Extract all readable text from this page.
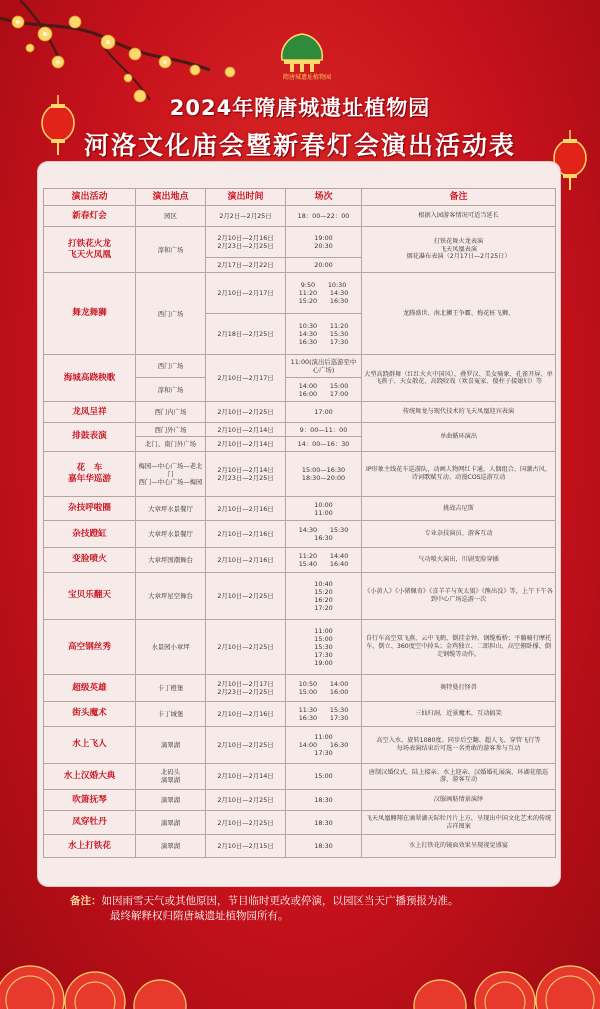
隋唐城遗址植物园
2024年隋唐城遗址植物园
河洛文化庙会暨新春灯会演出活动表
演出活动	演出地点	演出时间	场次	备注
新春灯会	园区	2月2日—2月25日	18：00—22：00	根据入园游客情况可适当延长
打铁花火龙
飞天火凤凰	淳和广场	2月10日—2月16日
2月23日—2月25日	19:00
20:30	打铁花舞火龙表演
飞天凤凰表演
烟花瀑布表演（2月17日—2月25日）
		2月17日—2月22日	20:00	
舞龙舞狮	西门广场	2月10日—2月17日	9:50　　10:30
11:20　　14:30
15:20　　16:30	龙腾盛世、南北狮王争霸、梅花桩飞狮、
		2月18日—2月25日	10:30　　11:20
14:30　　15:30
16:30　　17:30	
海城高跷秧歌	西门广场	2月10日—2月17日	11:00(演出后巡游至中心广场)	大型高跷群舞（红红火火中国风）、叠罗汉、美女骑象、孔雀开屏、单飞燕子、天女散花、高跷咬戏（欢喜冤家、傻柱子接媳妇）等
	淳和广场		14:00　　15:00
16:00　　17:00	
龙凤呈祥	西门内广场	2月10日—2月25日	17:00	传统舞龙与现代技术的飞天凤凰迎宾表演
排鼓表演	西门外广场	2月10日—2月14日	9：00—11：00	单曲循环演出
	北门、南门外广场	2月10日—2月14日	14：00—16：30	
花　车
嘉年华巡游	梅园—中心广场—老北门
西门—中心广场—梅园	2月10日—2月14日
2月23日—2月25日	15:00—16:30
18:30—20:00	IP形象主线花车巡游队、动画人物网红卡通、人偶组合、国潮古风、诗词歌赋互动、动漫COS巡游互动
杂技呼啦圈	大章坪水景餐厅	2月10日—2月16日	10:00
11:00	挑战吉尼斯
杂技蹬缸	大章坪水景餐厅	2月10日—2月16日	14:30　　15:30
16:30	专业杂技演员、游客互动
变脸喷火	大章坪国潮舞台	2月10日—2月16日	11:20　　14:40
15:40　　16:40	气功喷火演出，川剧变脸穿插
宝贝乐翻天	大章坪星空舞台	2月10日—2月25日	10:40
15:20
16:20
17:20	《小黄人》《小猪佩奇》《喜羊羊与灰太狼》《熊出没》等，上午下午各到中心广场巡游一次
高空钢丝秀	水景园小章坪	2月10日—2月25日	11:00
15:00
15:30
17:30
19:00	自行车高空双飞燕、云中飞鹤、倒挂金钟、钢缆板桥；平躺骑行摩托车、倒立、360度空中掉头；金鸡独立、二郎担山、高空俯卧撑、倒走钢缆等动作。
超级英雄	卡丁橙堡	2月10日—2月17日
2月23日—2月25日	10:50　　14:00
15:00　　16:00	奥特曼打怪兽
街头魔术	卡丁城堡	2月10日—2月16日	11:30　　15:30
16:30　　17:30	三仙归洞，近景魔术，互动搞笑
水上飞人	滴翠湖	2月10日—2月25日	11:00
14:00　　16:30
17:30	高空入水、旋转1080度、同步后空翻、超人飞、穿管飞行等
每场表演结束后可选一名勇敢的游客参与互动
水上汉婚大典	北码头
滴翠湖	2月10日—2月14日	15:00	唐制汉婚仪式，陆上接亲、水上迎亲、汉婚婚礼展演、环湖花船巡游，游客互动
吹箫抚琴	滴翠湖	2月10日—2月25日	18:30	汉服画舫情景演绎
凤穿牡丹	滴翠湖	2月10日—2月25日	18:30	飞天凤凰翱翔在滴翠湖天际牡丹片上方，呈现出中国文化艺术的传统吉祥图案
水上打铁花	滴翠湖	2月10日—2月15日	18:30	水上打铁花的镜面效果呈现视觉盛宴
备注：如因雨雪天气或其他原因，节目临时更改或停演，以园区当天广播预报为准。
最终解释权归隋唐城遗址植物园所有。
